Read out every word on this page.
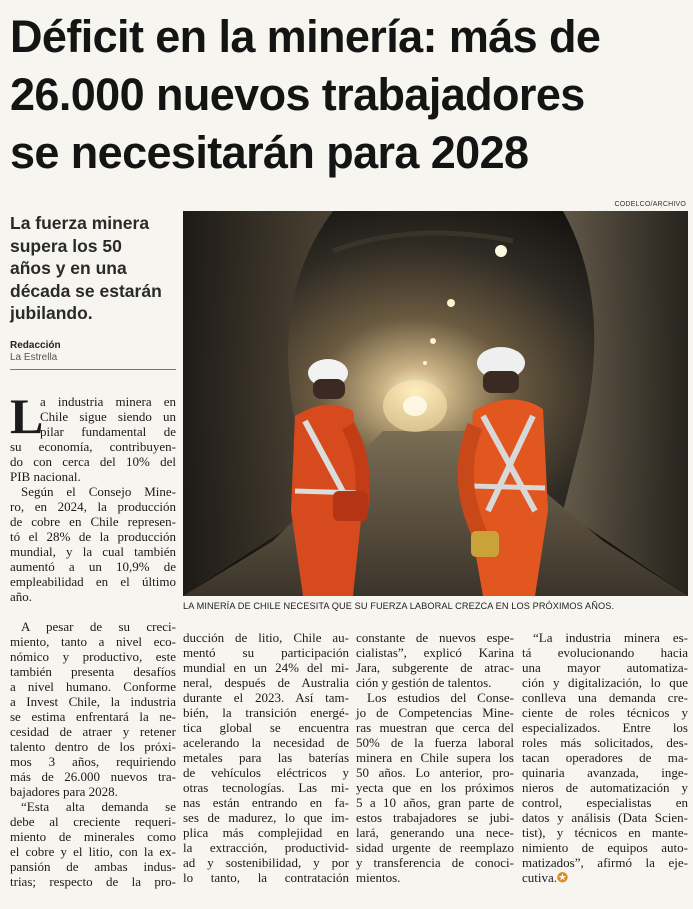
Déficit en la minería: más de
26.000 nuevos trabajadores
se necesitarán para 2028
CODELCO/ARCHIVO
La fuerza minera
supera los 50
años y en una
década se estarán
jubilando.
Redacción
La Estrella
LA MINERÍA DE CHILE NECESITA QUE SU FUERZA LABORAL CREZCA EN LOS PRÓXIMOS AÑOS.
L
a industria minera en
Chile sigue siendo un
pilar fundamental de
su economía, contribuyen-
do con cerca del 10% del
PIB nacional.
Según el Consejo Mine-
ro, en 2024, la producción
de cobre en Chile represen-
tó el 28% de la producción
mundial, y la cual también
aumentó a un 10,9% de
empleabilidad en el último
año.
A pesar de su creci-
miento, tanto a nivel eco-
nómico y productivo, este
también presenta desafíos
a nivel humano. Conforme
a Invest Chile, la industria
se estima enfrentará la ne-
cesidad de atraer y retener
talento dentro de los próxi-
mos 3 años, requiriendo
más de 26.000 nuevos tra-
bajadores para 2028.
“Esta alta demanda se
debe al creciente requeri-
miento de minerales como
el cobre y el litio, con la ex-
pansión de ambas indus-
trias; respecto de la pro-
ducción de litio, Chile au-
mentó su participación
mundial en un 24% del mi-
neral, después de Australia
durante el 2023. Así tam-
bién, la transición energé-
tica global se encuentra
acelerando la necesidad de
metales para las baterías
de vehículos eléctricos y
otras tecnologías. Las mi-
nas están entrando en fa-
ses de madurez, lo que im-
plica más complejidad en
la extracción, productivid-
ad y sostenibilidad, y por
lo tanto, la contratación
constante de nuevos espe-
cialistas”, explicó Karina
Jara, subgerente de atrac-
ción y gestión de talentos.
Los estudios del Conse-
jo de Competencias Mine-
ras muestran que cerca del
50% de la fuerza laboral
minera en Chile supera los
50 años. Lo anterior, pro-
yecta que en los próximos
5 a 10 años, gran parte de
estos trabajadores se jubi-
lará, generando una nece-
sidad urgente de reemplazo
y transferencia de conoci-
mientos.
“La industria minera es-
tá evolucionando hacia
una mayor automatiza-
ción y digitalización, lo que
conlleva una demanda cre-
ciente de roles técnicos y
especializados. Entre los
roles más solicitados, des-
tacan operadores de ma-
quinaria avanzada, inge-
nieros de automatización y
control, especialistas en
datos y análisis (Data Scien-
tist), y técnicos en mante-
nimiento de equipos auto-
matizados”, afirmó la eje-
cutiva.✪
